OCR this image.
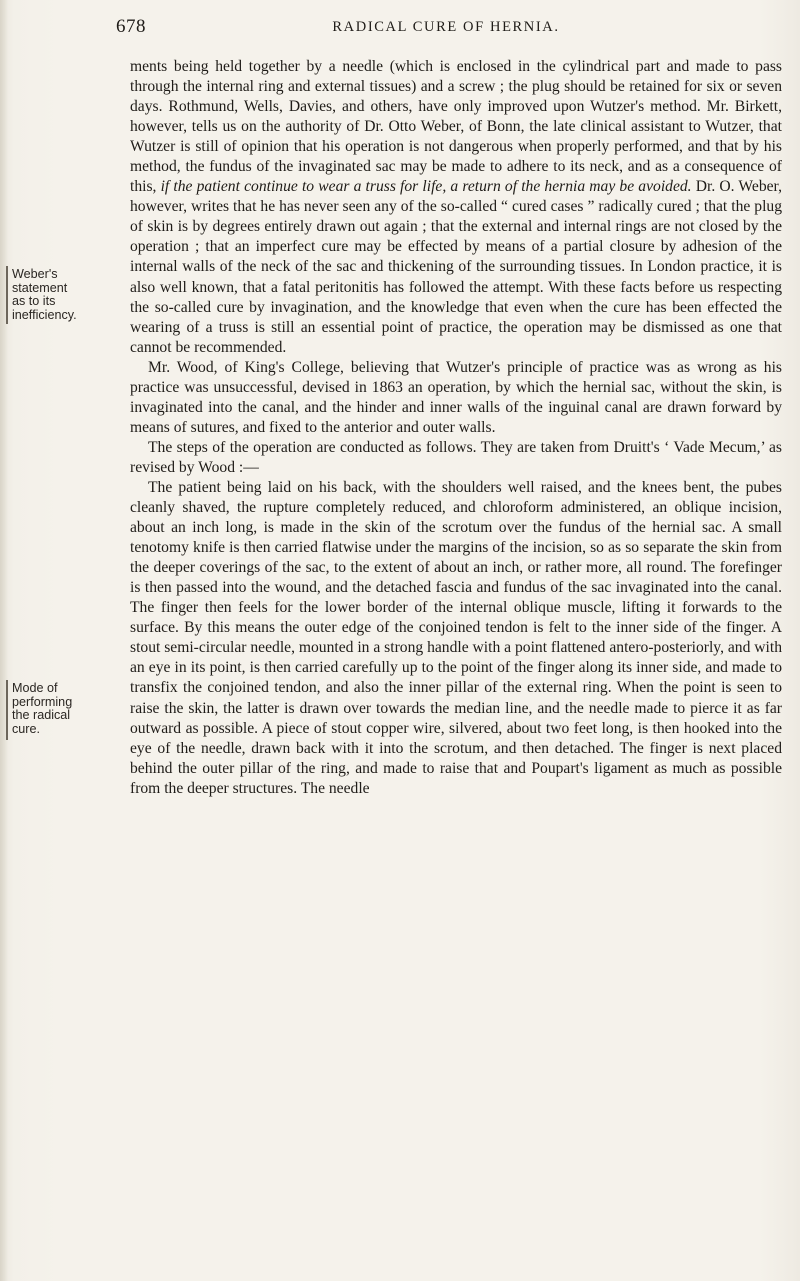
678	RADICAL CURE OF HERNIA.
Weber's
statement
as to its
inefficiency.
Mode of
performing
the radical
cure.

ments being held together by a needle (which is enclosed in the cylindrical part and made to pass through the internal ring and external tissues) and a screw ; the plug should be retained for six or seven days. Rothmund, Wells, Davies, and others, have only improved upon Wutzer's method. Mr. Birkett, however, tells us on the authority of Dr. Otto Weber, of Bonn, the late clinical assistant to Wutzer, that Wutzer is still of opinion that his operation is not dangerous when properly performed, and that by his method, the fundus of the invaginated sac may be made to adhere to its neck, and as a consequence of this, if the patient continue to wear a truss for life, a return of the hernia may be avoided. Dr. O. Weber, however, writes that he has never seen any of the so-called “ cured cases ” radically cured ; that the plug of skin is by degrees entirely drawn out again ; that the external and internal rings are not closed by the operation ; that an imperfect cure may be effected by means of a partial closure by adhesion of the internal walls of the neck of the sac and thickening of the surrounding tissues. In London practice, it is also well known, that a fatal peritonitis has followed the attempt. With these facts before us respecting the so-called cure by invagination, and the knowledge that even when the cure has been effected the wearing of a truss is still an essential point of practice, the operation may be dismissed as one that cannot be recommended.

Mr. Wood, of King's College, believing that Wutzer's principle of practice was as wrong as his practice was unsuccessful, devised in 1863 an operation, by which the hernial sac, without the skin, is invaginated into the canal, and the hinder and inner walls of the inguinal canal are drawn forward by means of sutures, and fixed to the anterior and outer walls.

The steps of the operation are conducted as follows. They are taken from Druitt's ‘ Vade Mecum,’ as revised by Wood :—

The patient being laid on his back, with the shoulders well raised, and the knees bent, the pubes cleanly shaved, the rupture completely reduced, and chloroform administered, an oblique incision, about an inch long, is made in the skin of the scrotum over the fundus of the hernial sac. A small tenotomy knife is then carried flatwise under the margins of the incision, so as so separate the skin from the deeper coverings of the sac, to the extent of about an inch, or rather more, all round. The forefinger is then passed into the wound, and the detached fascia and fundus of the sac invaginated into the canal. The finger then feels for the lower border of the internal oblique muscle, lifting it forwards to the surface. By this means the outer edge of the conjoined tendon is felt to the inner side of the finger. A stout semi-circular needle, mounted in a strong handle with a point flattened antero-posteriorly, and with an eye in its point, is then carried carefully up to the point of the finger along its inner side, and made to transfix the conjoined tendon, and also the inner pillar of the external ring. When the point is seen to raise the skin, the latter is drawn over towards the median line, and the needle made to pierce it as far outward as possible. A piece of stout copper wire, silvered, about two feet long, is then hooked into the eye of the needle, drawn back with it into the scrotum, and then detached. The finger is next placed behind the outer pillar of the ring, and made to raise that and Poupart's ligament as much as possible from the deeper structures. The needle
